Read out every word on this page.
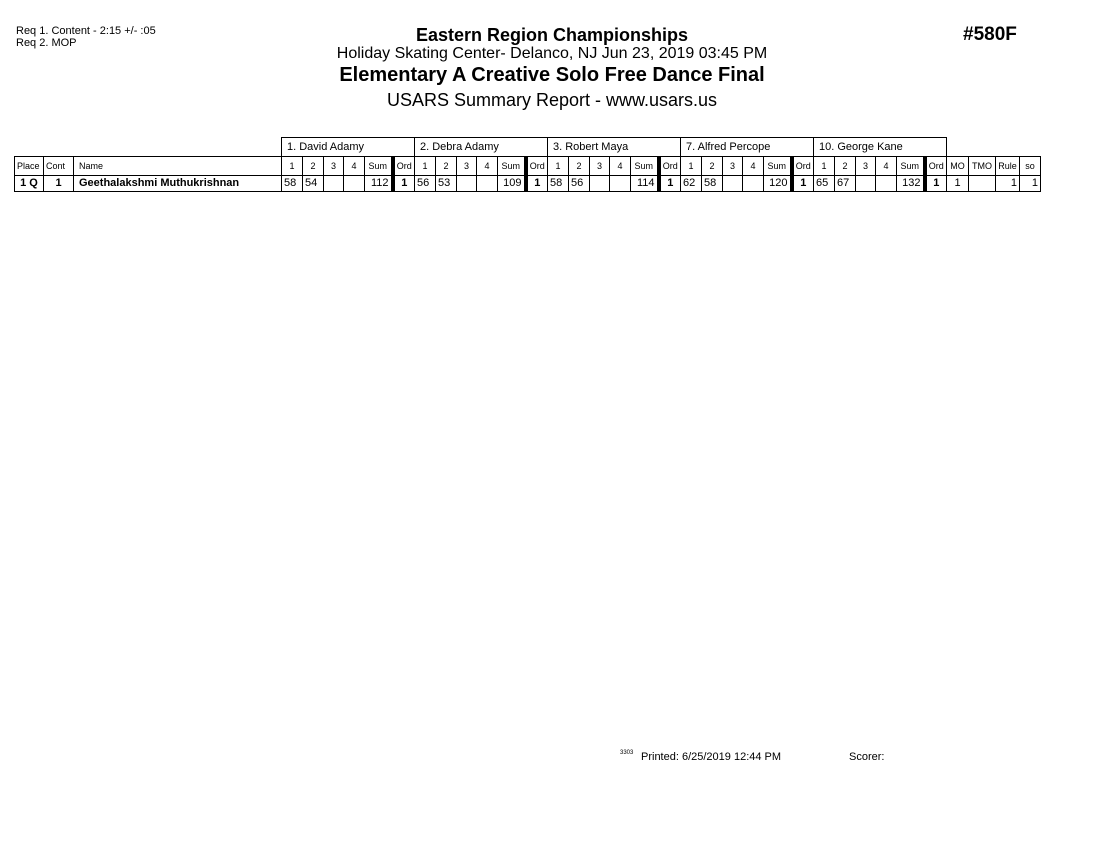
Req 1. Content - 2:15 +/- :05
Req 2. MOP	Eastern Region Championships
Holiday Skating Center- Delanco, NJ Jun 23, 2019 03:45 PM
Elementary A Creative Solo Free Dance Final
USARS Summary Report - www.usars.us
#580F
			1. David Adamy						2. Debra Adamy						3. Robert Maya						7. Alfred Percope						10. George Kane									
Place	Cont	Name	1	2	3	4	Sum	Ord	1	2	3	4	Sum	Ord	1	2	3	4	Sum	Ord	1	2	3	4	Sum	Ord	1	2	3	4	Sum	Ord	MO	TMO	Rule	so
1 Q	1	Geethalakshmi Muthukrishnan	58	54			112	1	56	53			109	1	58	56			114	1	62	58			120	1	65	67			132	1	1		1	1
3303 Printed: 6/25/2019 12:44 PM	Scorer:
